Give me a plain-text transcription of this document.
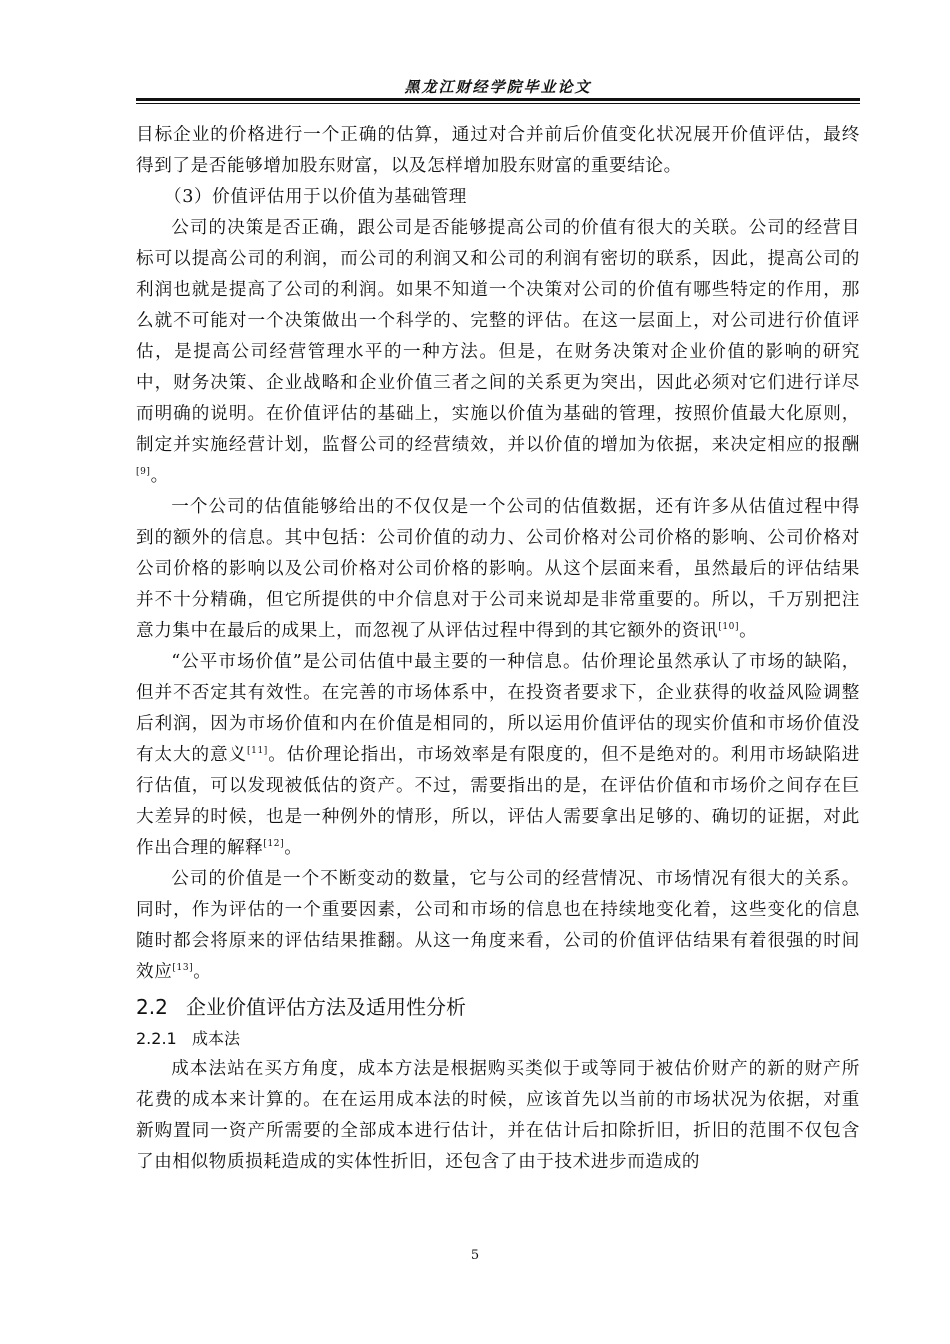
黑龙江财经学院毕业论文

目标企业的价格进行一个正确的估算，通过对合并前后价值变化状况展开价值评估，最终得到了是否能够增加股东财富，以及怎样增加股东财富的重要结论。

（3）价值评估用于以价值为基础管理

公司的决策是否正确，跟公司是否能够提高公司的价值有很大的关联。公司的经营目标可以提高公司的利润，而公司的利润又和公司的利润有密切的联系，因此，提高公司的利润也就是提高了公司的利润。如果不知道一个决策对公司的价值有哪些特定的作用，那么就不可能对一个决策做出一个科学的、完整的评估。在这一层面上，对公司进行价值评估，是提高公司经营管理水平的一种方法。但是，在财务决策对企业价值的影响的研究中，财务决策、企业战略和企业价值三者之间的关系更为突出，因此必须对它们进行详尽而明确的说明。在价值评估的基础上，实施以价值为基础的管理，按照价值最大化原则，制定并实施经营计划，监督公司的经营绩效，并以价值的增加为依据，来决定相应的报酬[9]。

一个公司的估值能够给出的不仅仅是一个公司的估值数据，还有许多从估值过程中得到的额外的信息。其中包括：公司价值的动力、公司价格对公司价格的影响、公司价格对公司价格的影响以及公司价格对公司价格的影响。从这个层面来看，虽然最后的评估结果并不十分精确，但它所提供的中介信息对于公司来说却是非常重要的。所以，千万别把注意力集中在最后的成果上，而忽视了从评估过程中得到的其它额外的资讯[10]。

“公平市场价值”是公司估值中最主要的一种信息。估价理论虽然承认了市场的缺陷，但并不否定其有效性。在完善的市场体系中，在投资者要求下，企业获得的收益风险调整后利润，因为市场价值和内在价值是相同的，所以运用价值评估的现实价值和市场价值没有太大的意义[11]。估价理论指出，市场效率是有限度的，但不是绝对的。利用市场缺陷进行估值，可以发现被低估的资产。不过，需要指出的是，在评估价值和市场价之间存在巨大差异的时候，也是一种例外的情形，所以，评估人需要拿出足够的、确切的证据，对此作出合理的解释[12]。

公司的价值是一个不断变动的数量，它与公司的经营情况、市场情况有很大的关系。同时，作为评估的一个重要因素，公司和市场的信息也在持续地变化着，这些变化的信息随时都会将原来的评估结果推翻。从这一角度来看，公司的价值评估结果有着很强的时间效应[13]。

2.2 企业价值评估方法及适用性分析
2.2.1 成本法

成本法站在买方角度，成本方法是根据购买类似于或等同于被估价财产的新的财产所花费的成本来计算的。在在运用成本法的时候，应该首先以当前的市场状况为依据，对重新购置同一资产所需要的全部成本进行估计，并在估计后扣除折旧，折旧的范围不仅包含了由相似物质损耗造成的实体性折旧，还包含了由于技术进步而造成的

5
